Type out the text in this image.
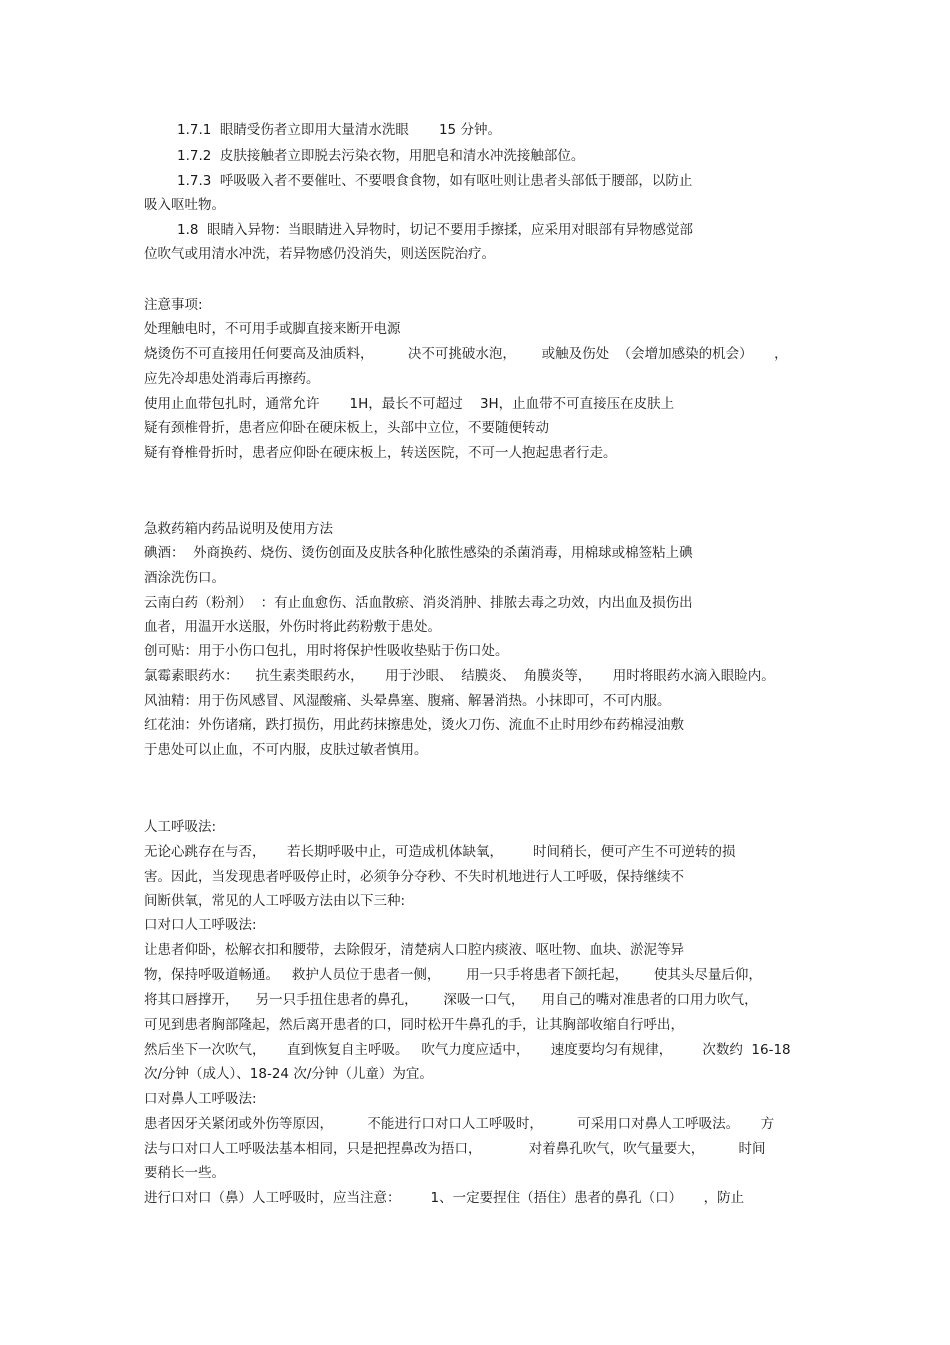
1.7.1  眼睛受伤者立即用大量清水洗眼       15 分钟。
1.7.2  皮肤接触者立即脱去污染衣物，用肥皂和清水冲洗接触部位。
1.7.3  呼吸吸入者不要催吐、不要喂食食物，如有呕吐则让患者头部低于腰部，以防止
吸入呕吐物。
1.8  眼睛入异物：当眼睛进入异物时，切记不要用手擦揉，应采用对眼部有异物感觉部
位吹气或用清水冲洗，若异物感仍没消失，则送医院治疗。
注意事项:
处理触电时，不可用手或脚直接来断开电源
烧烫伤不可直接用任何要高及油质料，        决不可挑破水泡，      或触及伤处  （会增加感染的机会）     ，
应先冷却患处消毒后再擦药。
使用止血带包扎时，通常允许       1H，最长不可超过    3H，止血带不可直接压在皮肤上
疑有颈椎骨折，患者应仰卧在硬床板上，头部中立位，不要随便转动
疑有脊椎骨折时，患者应仰卧在硬床板上，转送医院，不可一人抱起患者行走。
急救药箱内药品说明及使用方法
碘酒：  外商换药、烧伤、烫伤创面及皮肤各种化脓性感染的杀菌消毒，用棉球或棉签粘上碘
酒涂洗伤口。
云南白药（粉剂）  ：有止血愈伤、活血散瘀、消炎消肿、排脓去毒之功效，内出血及损伤出
血者，用温开水送服，外伤时将此药粉敷于患处。
创可贴：用于小伤口包扎，用时将保护性吸收垫贴于伤口处。
氯霉素眼药水：    抗生素类眼药水，     用于沙眼、  结膜炎、  角膜炎等，     用时将眼药水滴入眼睑内。
风油精：用于伤风感冒、风湿酸痛、头晕鼻塞、腹痛、解暑消热。小抹即可，不可内服。
红花油：外伤诸痛，跌打损伤，用此药抹擦患处，烫火刀伤、流血不止时用纱布药棉浸油敷
于患处可以止血，不可内服，皮肤过敏者慎用。
人工呼吸法:
无论心跳存在与否，     若长期呼吸中止，可造成机体缺氧，       时间稍长，便可产生不可逆转的损
害。因此，当发现患者呼吸停止时，必须争分夺秒、不失时机地进行人工呼吸，保持继续不
间断供氧，常见的人工呼吸方法由以下三种:
口对口人工呼吸法:
让患者仰卧，松解衣扣和腰带，去除假牙，清楚病人口腔内痰液、呕吐物、血块、淤泥等异
物，保持呼吸道畅通。   救护人员位于患者一侧，      用一只手将患者下颌托起，      使其头尽量后仰，
将其口唇撑开，    另一只手扭住患者的鼻孔，      深吸一口气，    用自己的嘴对准患者的口用力吹气，
可见到患者胸部隆起，然后离开患者的口，同时松开牛鼻孔的手，让其胸部收缩自行呼出，
然后坐下一次吹气，     直到恢复自主呼吸。   吹气力度应适中，     速度要均匀有规律，       次数约  16-18
次/分钟（成人）、18-24 次/分钟（儿童）为宜。
口对鼻人工呼吸法:
患者因牙关紧闭或外伤等原因，        不能进行口对口人工呼吸时，        可采用口对鼻人工呼吸法。     方
法与口对口人工呼吸法基本相同，只是把捏鼻改为捂口，           对着鼻孔吹气，吹气量要大，        时间
要稍长一些。
进行口对口（鼻）人工呼吸时，应当注意：       1、一定要捏住（捂住）患者的鼻孔（口）     ，防止
